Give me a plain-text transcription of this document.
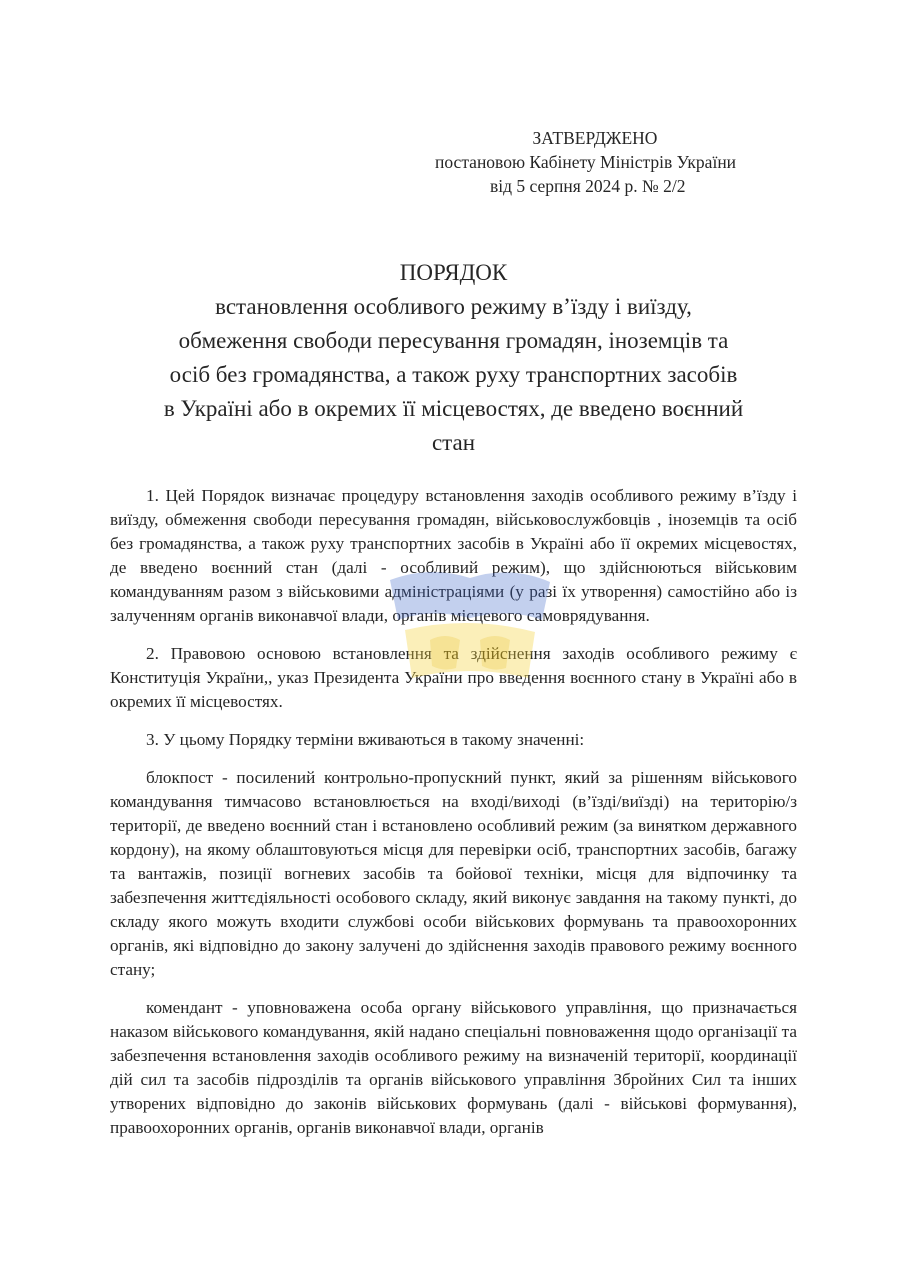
ЗАТВЕРДЖЕНО
постановою Кабінету Міністрів України
від 5 серпня 2024 р. № 2/2
ПОРЯДОК
встановлення особливого режиму в’їзду і виїзду,
обмеження свободи пересування громадян, іноземців та
осіб без громадянства, а також руху транспортних засобів
в Україні або в окремих її місцевостях, де введено воєнний
стан

1. Цей Порядок визначає процедуру встановлення заходів особливого режиму в’їзду і виїзду, обмеження свободи пересування громадян, військовослужбовців , іноземців та осіб без громадянства, а також руху транспортних засобів в Україні або її окремих місцевостях, де введено воєнний стан (далі - особливий режим), що здійснюються військовим командуванням разом з військовими адміністраціями (у разі їх утворення) самостійно або із залученням органів виконавчої влади, органів місцевого самоврядування.

2. Правовою основою встановлення та здійснення заходів особливого режиму є Конституція України,, указ Президента України про введення воєнного стану в Україні або в окремих її місцевостях.

3. У цьому Порядку терміни вживаються в такому значенні:

блокпост - посилений контрольно-пропускний пункт, який за рішенням військового командування тимчасово встановлюється на вході/виході (в’їзді/виїзді) на територію/з території, де введено воєнний стан і встановлено особливий режим (за винятком державного кордону), на якому облаштовуються місця для перевірки осіб, транспортних засобів, багажу та вантажів, позиції вогневих засобів та бойової техніки, місця для відпочинку та забезпечення життєдіяльності особового складу, який виконує завдання на такому пункті, до складу якого можуть входити службові особи військових формувань та правоохоронних органів, які відповідно до закону залучені до здійснення заходів правового режиму воєнного стану;

комендант - уповноважена особа органу військового управління, що призначається наказом військового командування, якій надано спеціальні повноваження щодо організації та забезпечення встановлення заходів особливого режиму на визначеній території, координації дій сил та засобів підрозділів та органів військового управління Збройних Сил та інших утворених відповідно до законів військових формувань (далі - військові формування), правоохоронних органів, органів виконавчої влади, органів
